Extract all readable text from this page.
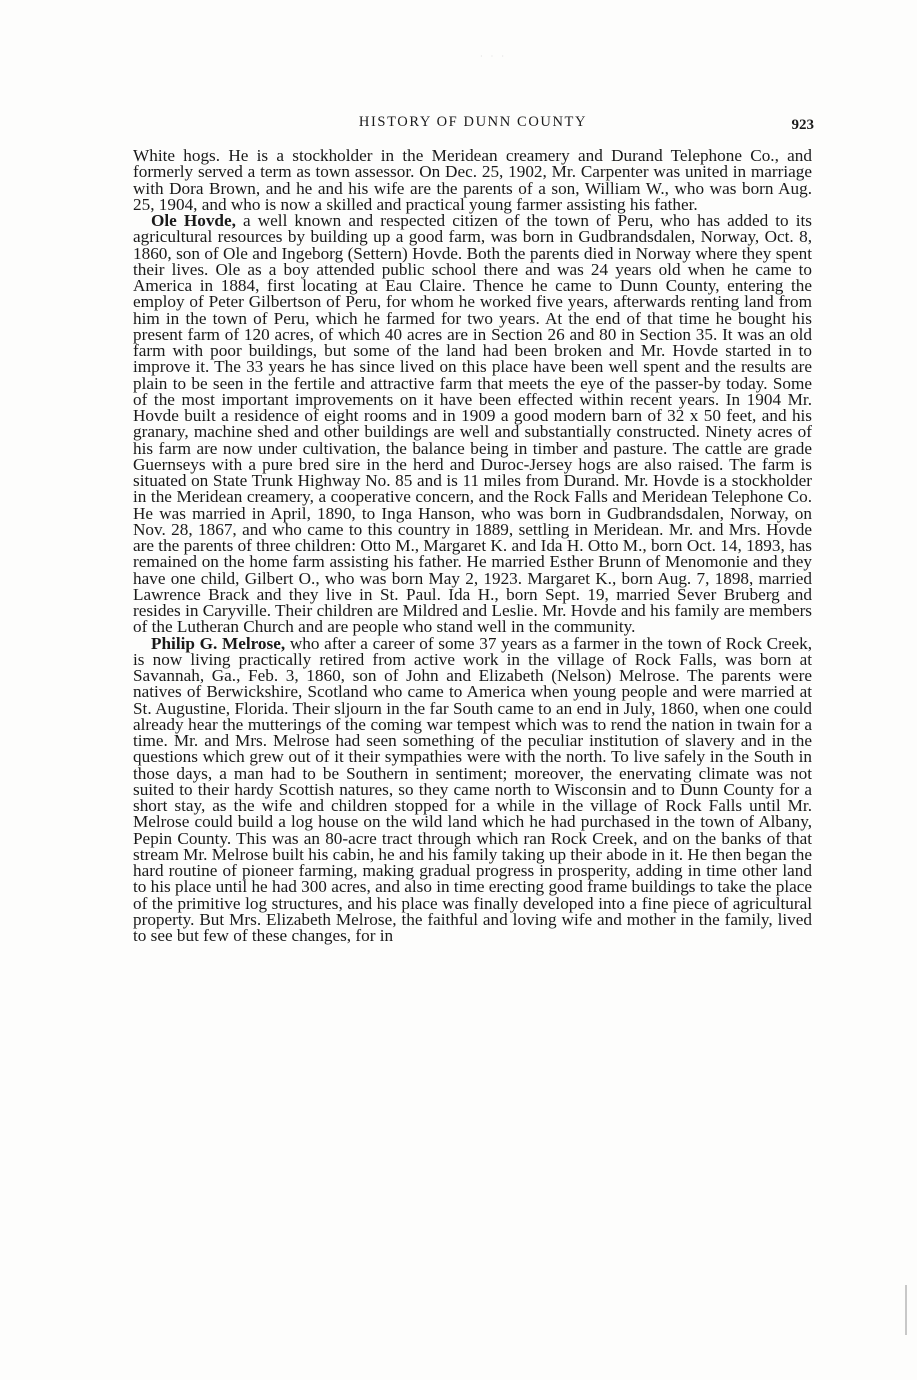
· · ·
HISTORY OF DUNN COUNTY	923

White hogs. He is a stockholder in the Meridean creamery and Durand Telephone Co., and formerly served a term as town assessor. On Dec. 25, 1902, Mr. Carpenter was united in marriage with Dora Brown, and he and his wife are the parents of a son, William W., who was born Aug. 25, 1904, and who is now a skilled and practical young farmer assisting his father.

Ole Hovde, a well known and respected citizen of the town of Peru, who has added to its agricultural resources by building up a good farm, was born in Gudbrandsdalen, Norway, Oct. 8, 1860, son of Ole and Ingeborg (Settern) Hovde. Both the parents died in Norway where they spent their lives. Ole as a boy attended public school there and was 24 years old when he came to America in 1884, first locating at Eau Claire. Thence he came to Dunn County, entering the employ of Peter Gilbertson of Peru, for whom he worked five years, afterwards renting land from him in the town of Peru, which he farmed for two years. At the end of that time he bought his present farm of 120 acres, of which 40 acres are in Section 26 and 80 in Section 35. It was an old farm with poor buildings, but some of the land had been broken and Mr. Hovde started in to improve it. The 33 years he has since lived on this place have been well spent and the results are plain to be seen in the fertile and attractive farm that meets the eye of the passer-by today. Some of the most important improvements on it have been effected within recent years. In 1904 Mr. Hovde built a residence of eight rooms and in 1909 a good modern barn of 32 x 50 feet, and his granary, machine shed and other buildings are well and substantially constructed. Ninety acres of his farm are now under cultivation, the balance being in timber and pasture. The cattle are grade Guernseys with a pure bred sire in the herd and Duroc-Jersey hogs are also raised. The farm is situated on State Trunk Highway No. 85 and is 11 miles from Durand. Mr. Hovde is a stockholder in the Meridean creamery, a cooperative concern, and the Rock Falls and Meridean Telephone Co. He was married in April, 1890, to Inga Hanson, who was born in Gudbrandsdalen, Norway, on Nov. 28, 1867, and who came to this country in 1889, settling in Meridean. Mr. and Mrs. Hovde are the parents of three children: Otto M., Margaret K. and Ida H. Otto M., born Oct. 14, 1893, has remained on the home farm assisting his father. He married Esther Brunn of Menomonie and they have one child, Gilbert O., who was born May 2, 1923. Margaret K., born Aug. 7, 1898, married Lawrence Brack and they live in St. Paul. Ida H., born Sept. 19, married Sever Bruberg and resides in Caryville. Their children are Mildred and Leslie. Mr. Hovde and his family are members of the Lutheran Church and are people who stand well in the community.

Philip G. Melrose, who after a career of some 37 years as a farmer in the town of Rock Creek, is now living practically retired from active work in the village of Rock Falls, was born at Savannah, Ga., Feb. 3, 1860, son of John and Elizabeth (Nelson) Melrose. The parents were natives of Berwickshire, Scotland who came to America when young people and were married at St. Augustine, Florida. Their sljourn in the far South came to an end in July, 1860, when one could already hear the mutterings of the coming war tempest which was to rend the nation in twain for a time. Mr. and Mrs. Melrose had seen something of the peculiar institution of slavery and in the questions which grew out of it their sympathies were with the north. To live safely in the South in those days, a man had to be Southern in sentiment; moreover, the enervating climate was not suited to their hardy Scottish natures, so they came north to Wisconsin and to Dunn County for a short stay, as the wife and children stopped for a while in the village of Rock Falls until Mr. Melrose could build a log house on the wild land which he had purchased in the town of Albany, Pepin County. This was an 80-acre tract through which ran Rock Creek, and on the banks of that stream Mr. Melrose built his cabin, he and his family taking up their abode in it. He then began the hard routine of pioneer farming, making gradual progress in prosperity, adding in time other land to his place until he had 300 acres, and also in time erecting good frame buildings to take the place of the primitive log structures, and his place was finally developed into a fine piece of agricultural property. But Mrs. Elizabeth Melrose, the faithful and loving wife and mother in the family, lived to see but few of these changes, for in
